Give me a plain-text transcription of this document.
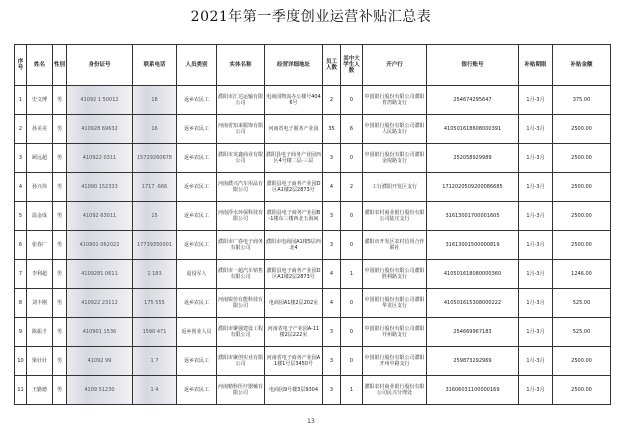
2021年第一季度创业运营补贴汇总表
序号	姓名	性别	身份证号	联系电话	人员类别	实体名称	经营详细地址	员工人数	其中大学生人数	开户行	银行账号	补贴期限	补贴金额
1	史文博	男	41092 1 50012	18	返乡农民工	濮阳市汇达运输有限公司	电商园物流办公楼号4046号	2	0	中国银行股份有限公司濮阳育湾路支行	254674295647	1月-3月	375.00
2	孙美美	男	410928 69632	16	返乡农民工	河南省知来服饰有限公司	河南省电子服务产业园	35	6	中国银行股份有限公司濮阳人民路支行	410501618608000391	1月-3月	2500.00
3	顾远超	男	410922 0311	15729260678	返乡农民工	濮阳市龙鑫商业有限公司	濮阳县电子商务产业园西区4号楼二层·三层	3	0	中国银行股份有限公司濮阳金堤路支行	252058929989	1月-3月	2500.00
4	孙兴伟	男	41090 152333	1717 .666	返乡农民工	河南濮兴汽车用品有限公司	濮阳县电子商务产业园D区A1楼2层2873号	4	2	工行濮阳开发区支行	1712020509200086685	1月-3月	2500.00
5	温金成	男	41092 63011	15	返乡农民工	河南浮水环保科技有限公司	濮阳县电子商务产业园B-1楼东三楼西北五海间	3	0	濮阳农村商业银行股份有限公司陆庄支行	31613001700001605	1月-3月	2500.00
6	张春广	男	410901 062022	17739350001	返乡农民工	濮阳市广春电子商务有限公司	濮阳市电商园A1楼5层西北4	3	0	濮阳市开发区农村信用合作联社	31613001500000819	1月-3月	2500.00
7	李利超	男	4109281 0611	1 183	退役军人	濮阳市一超汽车销售有限公司	濮阳县电子商务产业园D区A1楼2层2873号	4	1	中国银行股份有限公司濮阳胜利路支行	410501618080000360	1月-3月	1246.00
8	刘丰刚	男	410922 23112	175 555	返乡农民工	河南锐佳有能科技有限公司	电商园A1楼2层202室	4	0	中国银行股份有限公司濮阳华龙区支行	410501615308000222	1月-3月	525.00
9	陈振才	男	410901 1536	1590 471	返乡创业人员	濮阳市聚强建设工程有限公司	河南省电子产业园A-11楼2层222室	3	0	中国银行股份有限公司濮阳开州路支行	254669967183	1月-3月	525.00
10	梁壮壮	男	41092 99	1 7	返乡农民工	濮阳市聚创实业有限公司	河南省电子商务产业园A1楼1号层3450号	3	0	中国银行股份有限公司濮阳开州中路支行	259873292969	1月-3月	2500.00
11	王勤德	男	4109 51230	1 4	返乡农民工	河南精科医疗器械有限公司	电商园9号楼3层9304	3	1	濮阳农村商业银行股份有限公司民兴分理处	31606031100000169	1月-3月	2500.00
13
